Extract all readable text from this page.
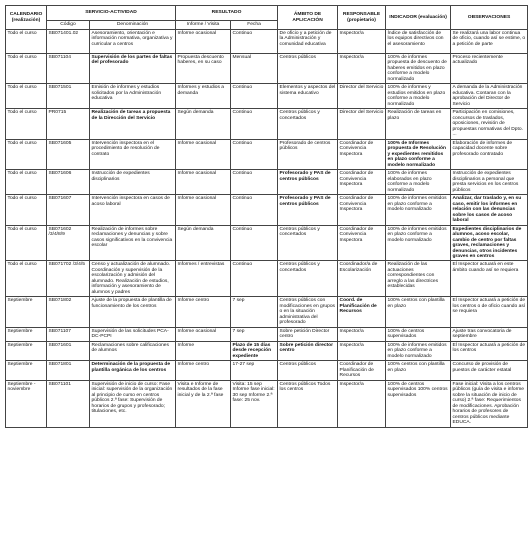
CALENDARIO (realización)	SERVICIO-ACTIVIDAD		RESULTADO		ÁMBITO DE APLICACIÓN	RESPONSABLE (propietario)	INDICADOR (evaluación)	OBSERVACIONES
	Código	Denominación	Informe / Visita	Fecha				
Todo el curso	SB071401.02	Asesoramiento, orientación e información normativa, organizativa y curricular a centros	Informe ocasional	Continuo	De oficio y a petición de la Administración y comunidad educativa	Inspector/a	Índice de satisfacción de los equipos directivos con el asesoramiento	Se realizará una labor continua de oficio, cuando así se estime, o a petición de parte
Todo el curso	SB071104	Supervisión de los partes de faltas del profesorado	Propuesta descuento haberes, en su caso	Mensual	Centros públicos	Inspector/a	100% de informes propuesta de descuento de haberes emitidos en plazo conforme a modelo normalizado	Proceso recientemente actualizado
Todo el curso	SB071501	Emisión de informes y estudios solicitados por la Administración educativa	Informes y estudios a demanda	Continuo	Elementos y aspectos del sistema educativo	Director del Servicio	100% de informes y estudios emitidos en plazo conforme a modelo normalizado	A demanda de la Administración educativa. Contaran con la aprobación del Director de Servicio
Todo el curso	PR0715	Realización de tareas a propuesta de la Dirección del Servicio	Según demanda	Continuo	Centros públicos y concertados	Director del Servicio	Realización de tareas en plazo	Participación en comisiones, concursos de traslados, oposiciones, revisión de propuestas normativas del Dpto. ...
Todo el curso	SB071605	Intervención inspectora en el procedimiento de resolución de contrato	Informe ocasional	Continuo	Profesorado de centros públicos	Coordinador de Convivencia Inspectora	100% de Informes propuesta de Resolución y expedientes remitidos en plazo conforme a modelo normalizado	Elaboración de informes de capacidad docente sobre profesorado contratado
Todo el curso	SB071606	Instrucción de expedientes disciplinarios	Informe ocasional	Continuo	Profesorado y PAS de centros públicos	Coordinador de Convivencia Inspectora	100% de informes elaborados en plazo conforme a modelo normalizado	Instrucción de expedientes disciplinarios a personal que presta servicios en los centros públicos
Todo el curso	SB071607	Intervención inspectora en casos de acoso laboral	Informe ocasional	Continuo	Profesorado y PAS de centros públicos	Coordinador de Convivencia Inspectora	100% de informes emitidos en plazo conforme a modelo normalizado	Analizar, dar traslado y, en su caso, emitir los informes en relación con las denuncias sobre los casos de acoso laboral
Todo el curso	SB071602 /3/4/8/9	Realización de informes sobre reclamaciones y denuncias y sobre casos significativos en la convivencia escolar	Según demanda	Continuo	Centros públicos y concertados	Coordinador de Convivencia Inspectora	100% de informes emitidos en plazo conforme a modelo normalizado	Expedientes disciplinarios de alumnos, acoso escolar, cambio de centro por faltas graves, reclamaciones y denuncias, otros incidentes graves en centros
Todo el curso	SB071702 /3/4/5	Censo y actualización de alumnado. Coordinación y supervisión de la escolarización y admisión del alumnado. Realización de estudios, información y asesoramiento de alumnos y padres	Informes / entrevistas	Continuo	Centros públicos y concertados	Coordinador/a de Escolarización	Realización de las actuaciones correspondientes con arreglo a las directrices establecidas	El Inspector actuará en este ámbito cuando así se requiera
Septiembre	SB071802	Ajuste de la propuesta de plantilla de funcionamiento de los centros	Informe centro	7 sep	Centros públicos con modificaciones en grupos o en la situación administrativa del profesorado	Coord. de Planificación de Recursos	100% centros con plantilla en plazo	El Inspector actuará a petición de los centros o de oficio cuando así se requiera
Septiembre	SB071107	Supervisión de las solicitudes PCA-DC-PCPI	Informe ocasional	7 sep	Sobre petición Director centro	Inspector/a	100% de centros supervisados	Ajuste tras convocatoria de septiembre
Septiembre	SB071601	Reclamaciones sobre calificaciones de alumnos	Informe	Plazo de 15 días desde recepción expediente	Sobre petición director centro	Inspector/a	100% de informes emitidos en plazo conforme a modelo normalizado	El Inspector actuará a petición de los centros
Septiembre	SB071801	Determinación de la propuesta de plantilla orgánica de los centros	Informe centro	17-27 sep	Centros públicos	Coordinador de Planificación de Recursos	100% centros con plantilla en plazo	Concurso de provisión de puestos de carácter estatal
Septiembre - noviembre	SB071101	Supervisión de inicio de curso: Fase inicial: supervisión de la organización al principio de curso en centros públicos 2.ª fase: Supervisión de horarios de grupos y profesorado; titulaciones, etc.	Visita e Informe de resultados de la fase inicial y de la 2.ª fase	Visita: 15 sep Informe fase inicial: 30 sep Informe 2.ª fase: 25 nov.	Centros públicos Todos los centros	Inspector/a	100% de centros supervisados 100% centros supervisados	Fase inicial: Visita a los centros públicos (guía de visita e informe sobre la situación de inicio de curso) 2.ª fase: Requerimientos de modificaciones. Aprobación horarios de profesores de centros públicos mediante EDUCA.
